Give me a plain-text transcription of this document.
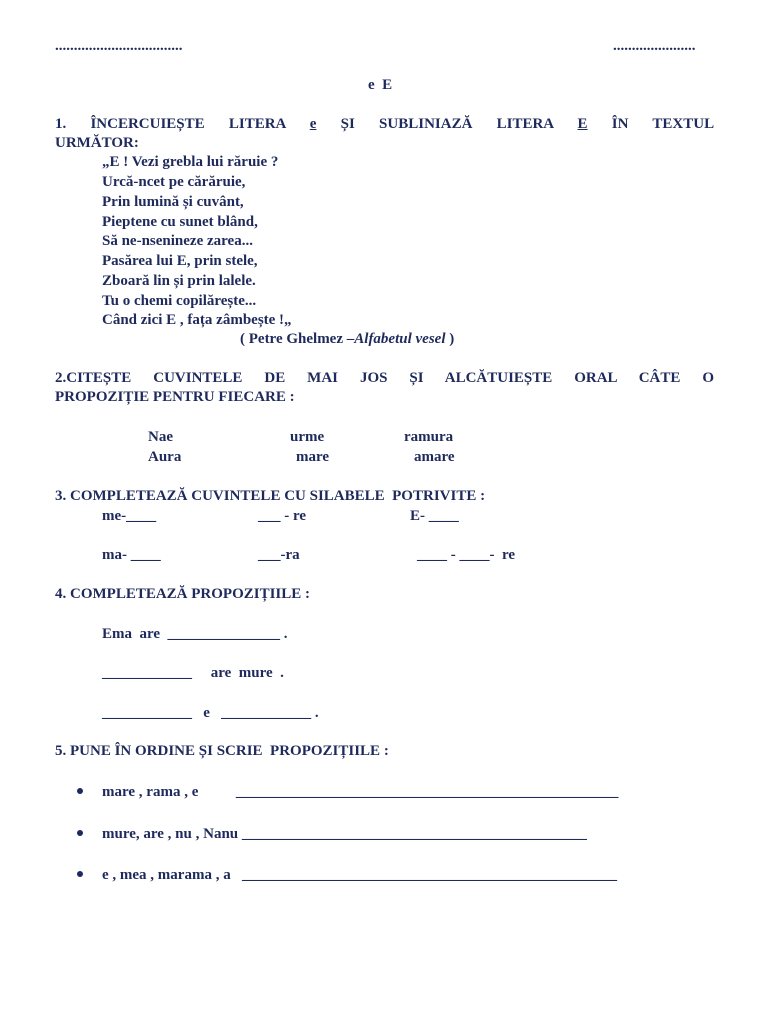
..................................	......................
e E
1. ÎNCERCUIEȘTE LITERA e ȘI SUBLINIAZĂ LITERA E ÎN TEXTUL
URMĂTOR:
„E ! Vezi grebla lui răruie ?
Urcă-ncet pe cărăruie,
Prin lumină și cuvânt,
Pieptene cu sunet blând,
Să ne-nsenineze zarea...
Pasărea lui E, prin stele,
Zboară lin și prin lalele.
Tu o chemi copilărește...
Când zici E , fața zâmbește !„
( Petre Ghelmez –Alfabetul vesel )
2.CITEȘTE CUVINTELE DE MAI JOS ȘI ALCĂTUIEȘTE ORAL CÂTE O
PROPOZIȚIE PENTRU FIECARE :
Nae	urme	ramura
Aura	mare	amare
3. COMPLETEAZĂ CUVINTELE CU SILABELE  POTRIVITE :
me-____	___ - re	E- ____
ma- ____	___-ra	____ - ____-  re
4. COMPLETEAZĂ PROPOZIȚIILE :
Ema  are  _______________ .
____________     are  mure  .
____________   e   ____________ .
5. PUNE ÎN ORDINE ȘI SCRIE  PROPOZIȚIILE :
mare , rama , e          ___________________________________________________
mure, are , nu , Nanu ______________________________________________
e , mea , marama , a   __________________________________________________
